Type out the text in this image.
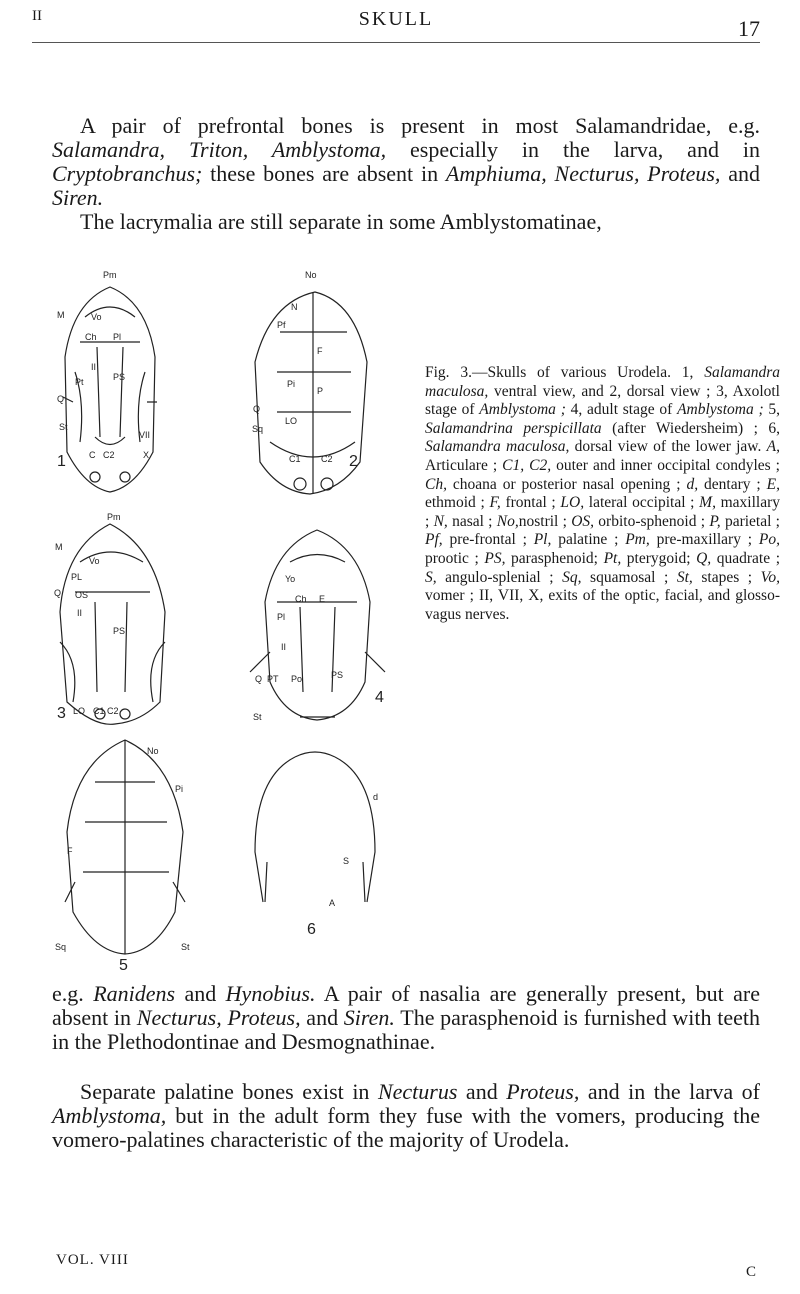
II	SKULL	17
A pair of prefrontal bones is present in most Salamandridae, e.g. Salamandra, Triton, Amblystoma, especially in the larva, and in Cryptobranchus; these bones are absent in Amphiuma, Necturus, Proteus, and Siren.
The lacrymalia are still separate in some Amblystomatinae,
Pm
M	Vo
Ch Pl
Q
Pt
II
PS
St
VII
C C2	X
No
N
Pf
F
P
Pi
Q
Sq
LO
C1 C2
Pm
M
Vo
PL
OS
II
PS
Q
LO C1 C2
Yo
Ch E
Pl
II
Q PT Po	PS
St
No
Pi
F
Sq	St
d
S
A
1	2
3
4
5
6
Fig. 3.—Skulls of various Urodela. 1, Salamandra maculosa, ventral view, and 2, dorsal view ; 3, Axolotl stage of Amblystoma ; 4, adult stage of Amblystoma ; 5, Salamandrina perspicillata (after Wiedersheim) ; 6, Salamandra maculosa, dorsal view of the lower jaw. A, Articulare ; C1, C2, outer and inner occipital condyles ; Ch, choana or posterior nasal opening ; d, dentary ; E, ethmoid ; F, frontal ; LO, lateral occipital ; M, maxillary ; N, nasal ; No,nostril ; OS, orbito-sphenoid ; P, parietal ; Pf, pre-frontal ; Pl, palatine ; Pm, pre-maxillary ; Po, prootic ; PS, parasphenoid; Pt, pterygoid; Q, quadrate ; S, angulo-splenial ; Sq, squamosal ; St, stapes ; Vo, vomer ; II, VII, X, exits of the optic, facial, and glosso-vagus nerves.
e.g. Ranidens and Hynobius. A pair of nasalia are generally present, but are absent in Necturus, Proteus, and Siren. The parasphenoid is furnished with teeth in the Plethodontinae and Desmognathinae.
Separate palatine bones exist in Necturus and Proteus, and in the larva of Amblystoma, but in the adult form they fuse with the vomers, producing the vomero-palatines characteristic of the majority of Urodela.
VOL. VIII
C
